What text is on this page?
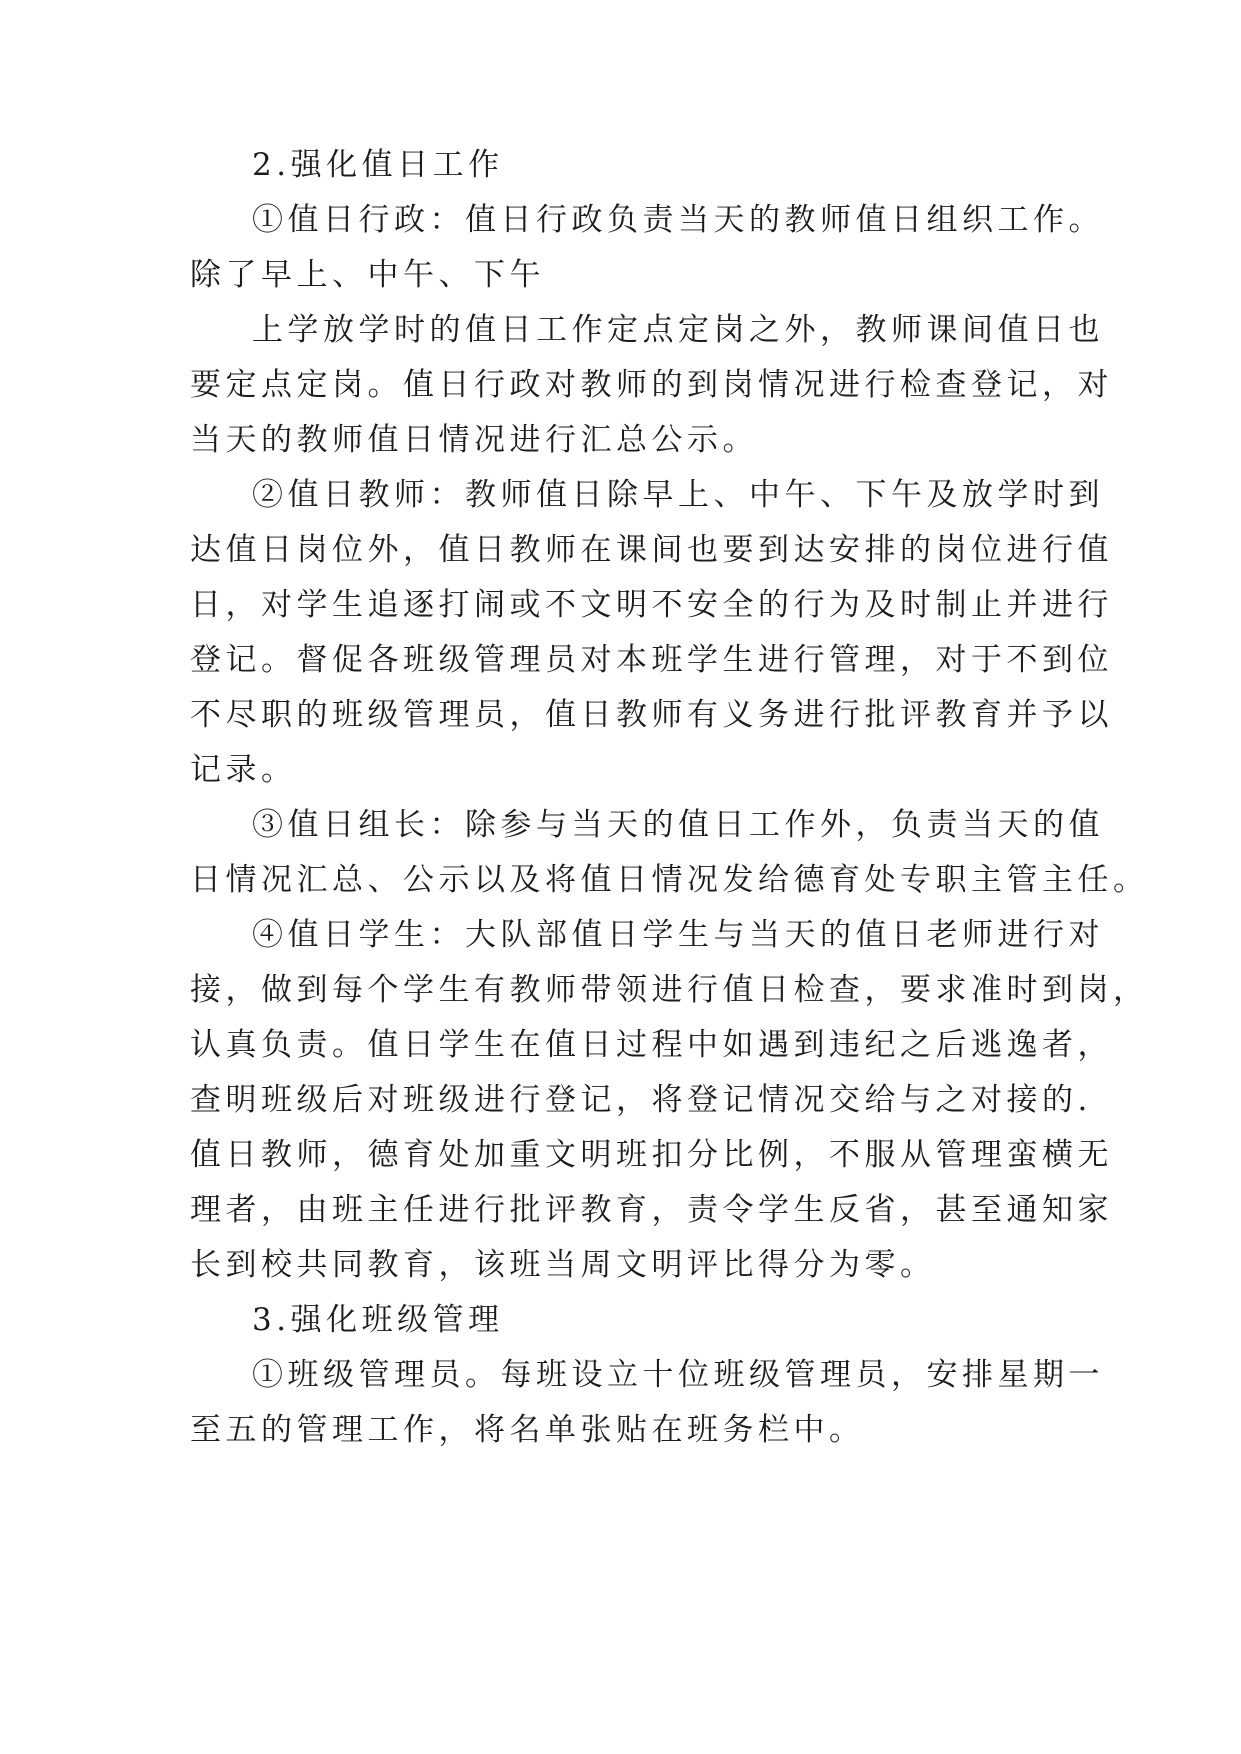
2.强化值日工作

①值日行政：值日行政负责当天的教师值日组织工作。

除了早上、中午、下午

上学放学时的值日工作定点定岗之外，教师课间值日也

要定点定岗。值日行政对教师的到岗情况进行检查登记，对

当天的教师值日情况进行汇总公示。

②值日教师：教师值日除早上、中午、下午及放学时到

达值日岗位外，值日教师在课间也要到达安排的岗位进行值

日，对学生追逐打闹或不文明不安全的行为及时制止并进行

登记。督促各班级管理员对本班学生进行管理，对于不到位

不尽职的班级管理员，值日教师有义务进行批评教育并予以

记录。

③值日组长：除参与当天的值日工作外，负责当天的值

日情况汇总、公示以及将值日情况发给德育处专职主管主任。

④值日学生：大队部值日学生与当天的值日老师进行对

接，做到每个学生有教师带领进行值日检查，要求准时到岗，

认真负责。值日学生在值日过程中如遇到违纪之后逃逸者，

查明班级后对班级进行登记，将登记情况交给与之对接的.

值日教师，德育处加重文明班扣分比例，不服从管理蛮横无

理者，由班主任进行批评教育，责令学生反省，甚至通知家

长到校共同教育，该班当周文明评比得分为零。

3.强化班级管理

①班级管理员。每班设立十位班级管理员，安排星期一

至五的管理工作，将名单张贴在班务栏中。
